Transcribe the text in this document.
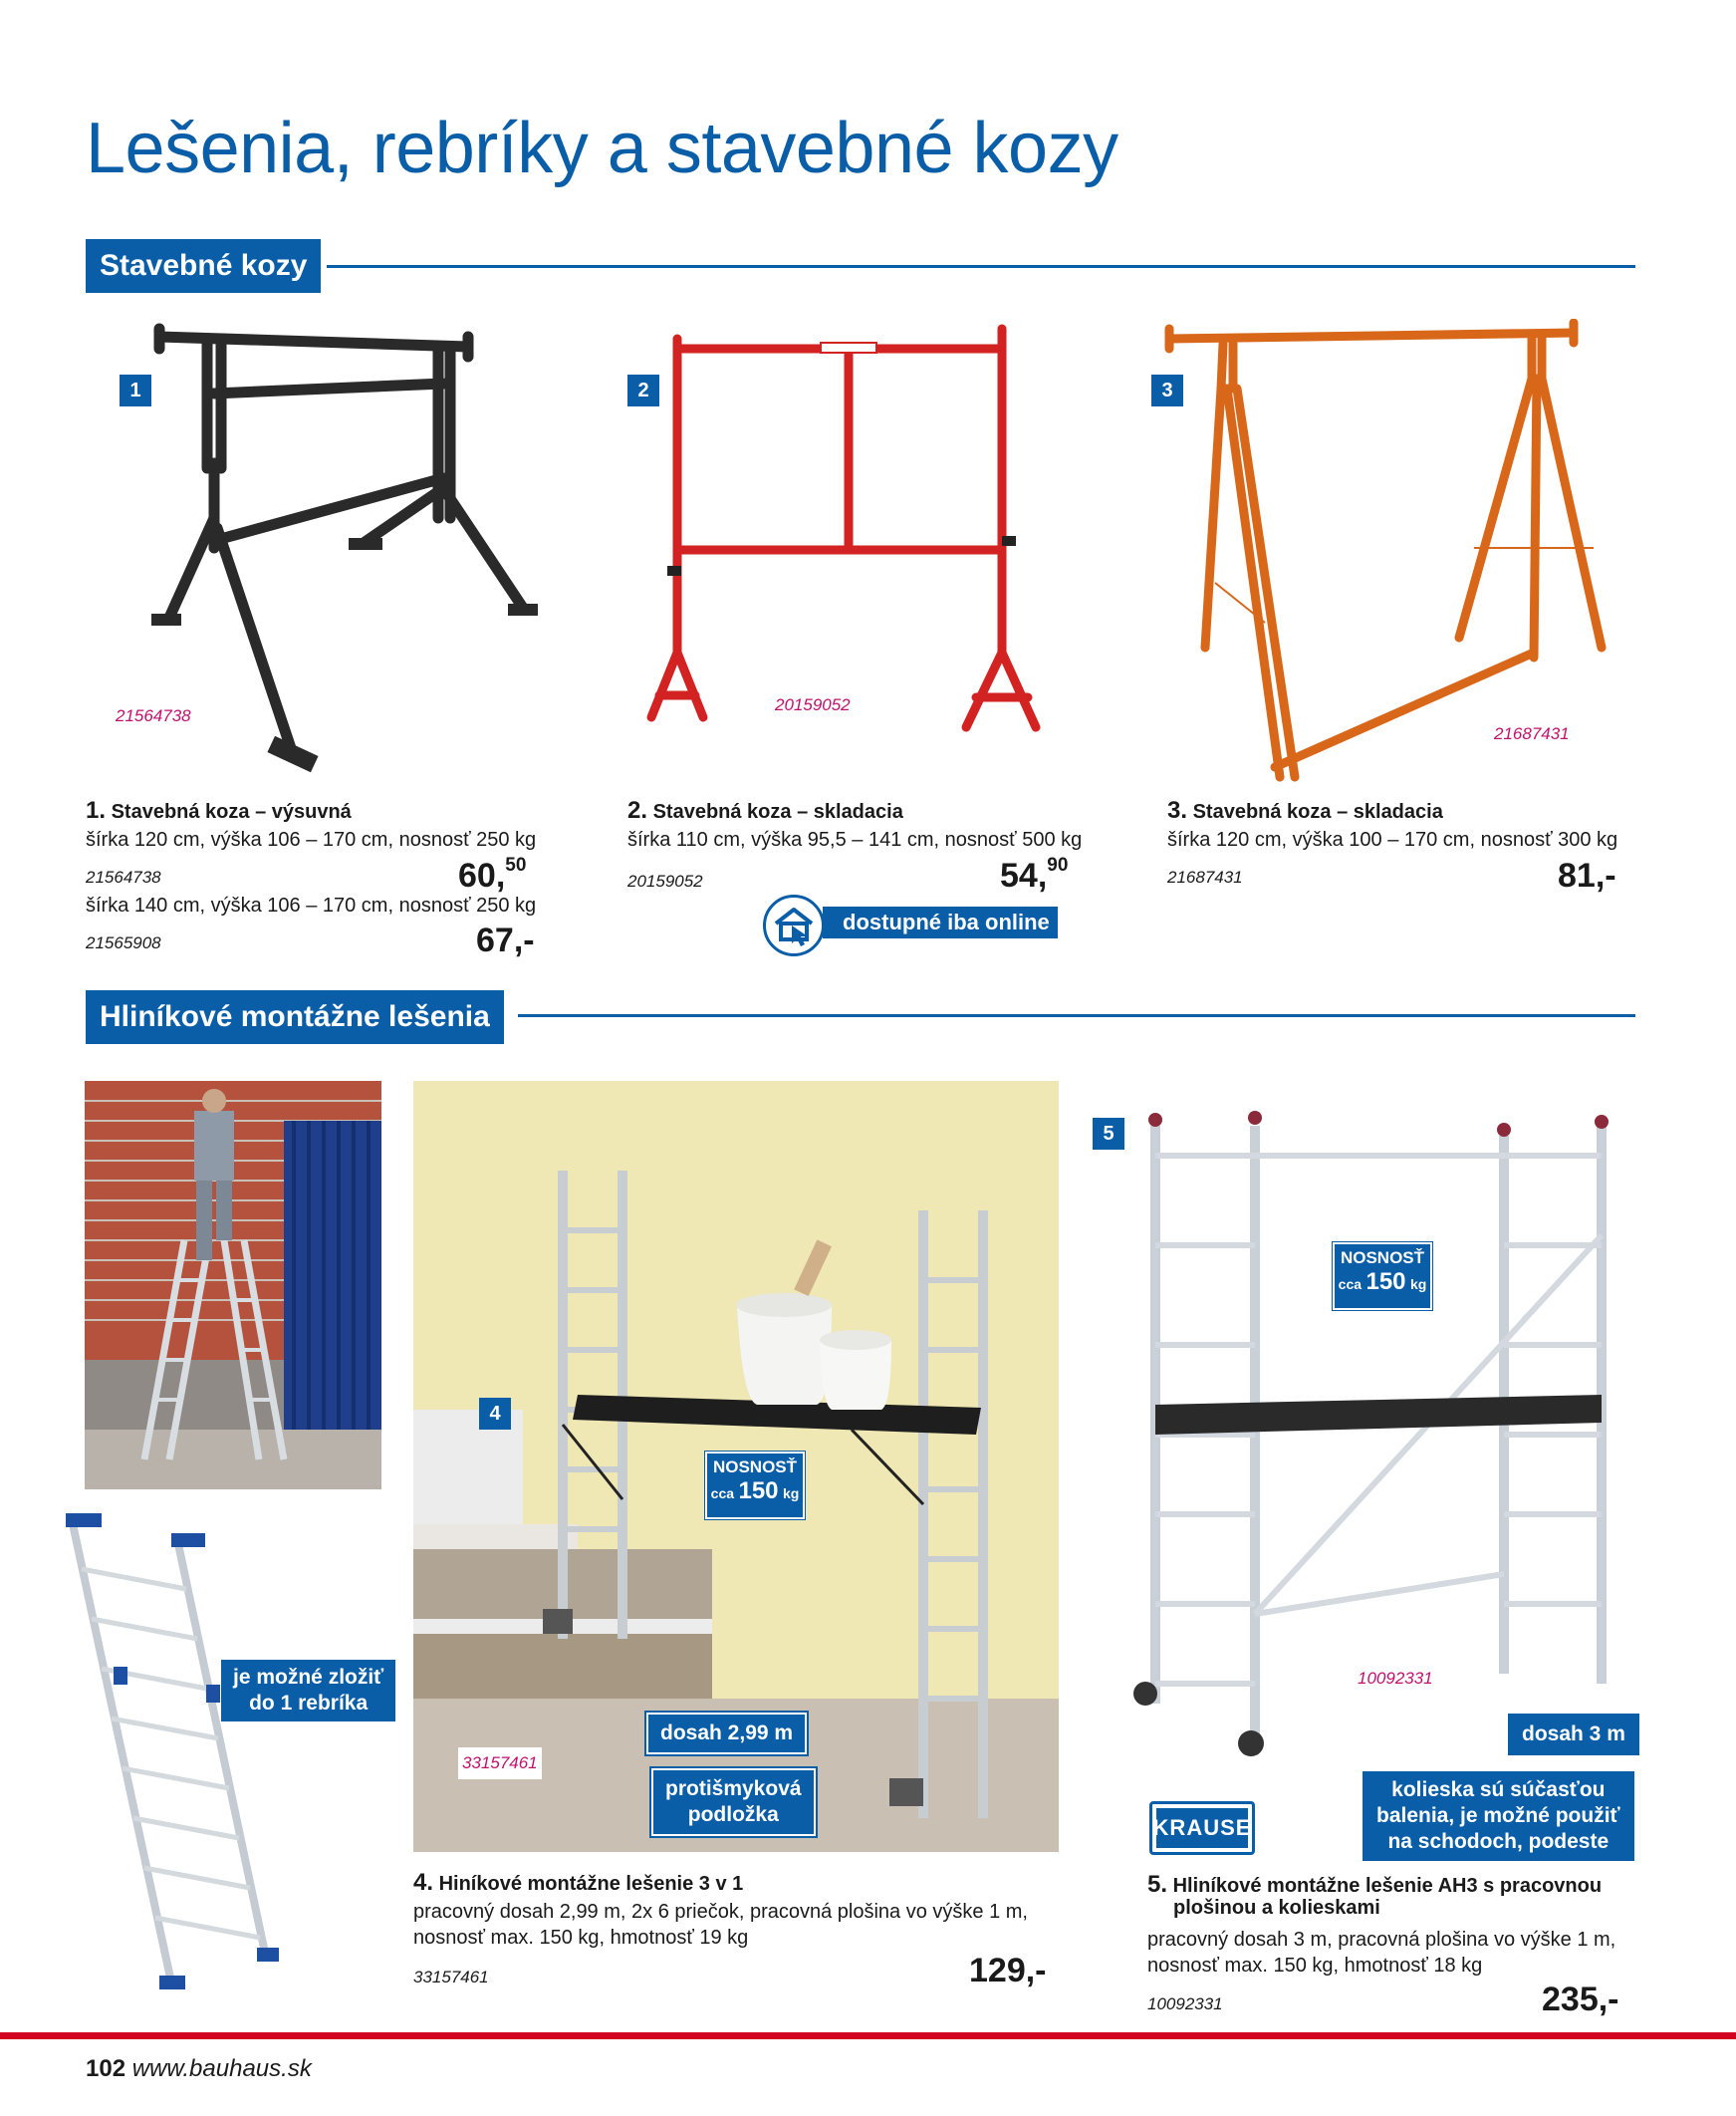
Lešenia, rebríky a stavebné kozy
Stavebné kozy
1
21564738
2
20159052
3
21687431
1. Stavebná koza – výsuvná
šírka 120 cm, výška 106 – 170 cm, nosnosť 250 kg
21564738	60,50
šírka 140 cm, výška 106 – 170 cm, nosnosť 250 kg
21565908	67,-
2. Stavebná koza – skladacia
šírka 110 cm, výška 95,5 – 141 cm, nosnosť 500 kg
20159052	54,90
dostupné iba online
3. Stavebná koza – skladacia
šírka 120 cm, výška 100 – 170 cm, nosnosť 300 kg
21687431	81,-
Hliníkové montážne lešenia
je možné zložiť
do 1 rebríka
4
NOSNOSŤ
cca 150 kg
33157461
dosah 2,99 m
protišmyková
podložka
4. Hiníkové montážne lešenie 3 v 1
pracovný dosah 2,99 m, 2x 6 priečok, pracovná plošina vo výške 1 m,
nosnosť max. 150 kg, hmotnosť 19 kg
33157461	129,-
5
NOSNOSŤ
cca 150 kg
10092331
dosah 3 m
KRAUSE
kolieska sú súčasťou
balenia, je možné použiť
na schodoch, podeste
5. Hliníkové montážne lešenie AH3 s pracovnou
plošinou a kolieskami
pracovný dosah 3 m, pracovná plošina vo výške 1 m,
nosnosť max. 150 kg, hmotnosť 18 kg
10092331	235,-
102 www.bauhaus.sk
